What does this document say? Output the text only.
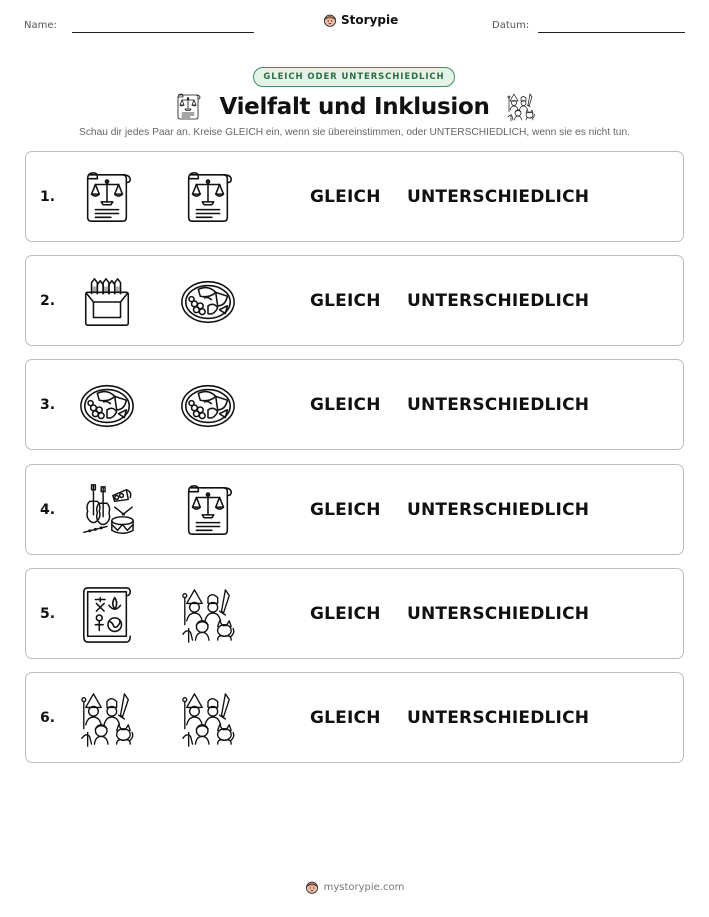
Name:	Storypie	Datum:
GLEICH ODER UNTERSCHIEDLICH
Vielfalt und Inklusion
Schau dir jedes Paar an. Kreise GLEICH ein, wenn sie übereinstimmen, oder UNTERSCHIEDLICH, wenn sie es nicht tun.
1.	GLEICH UNTERSCHIEDLICH
2.	GLEICH UNTERSCHIEDLICH
3.	GLEICH UNTERSCHIEDLICH
4.	GLEICH UNTERSCHIEDLICH
5.	GLEICH UNTERSCHIEDLICH
6.	GLEICH UNTERSCHIEDLICH
mystorypie.com
